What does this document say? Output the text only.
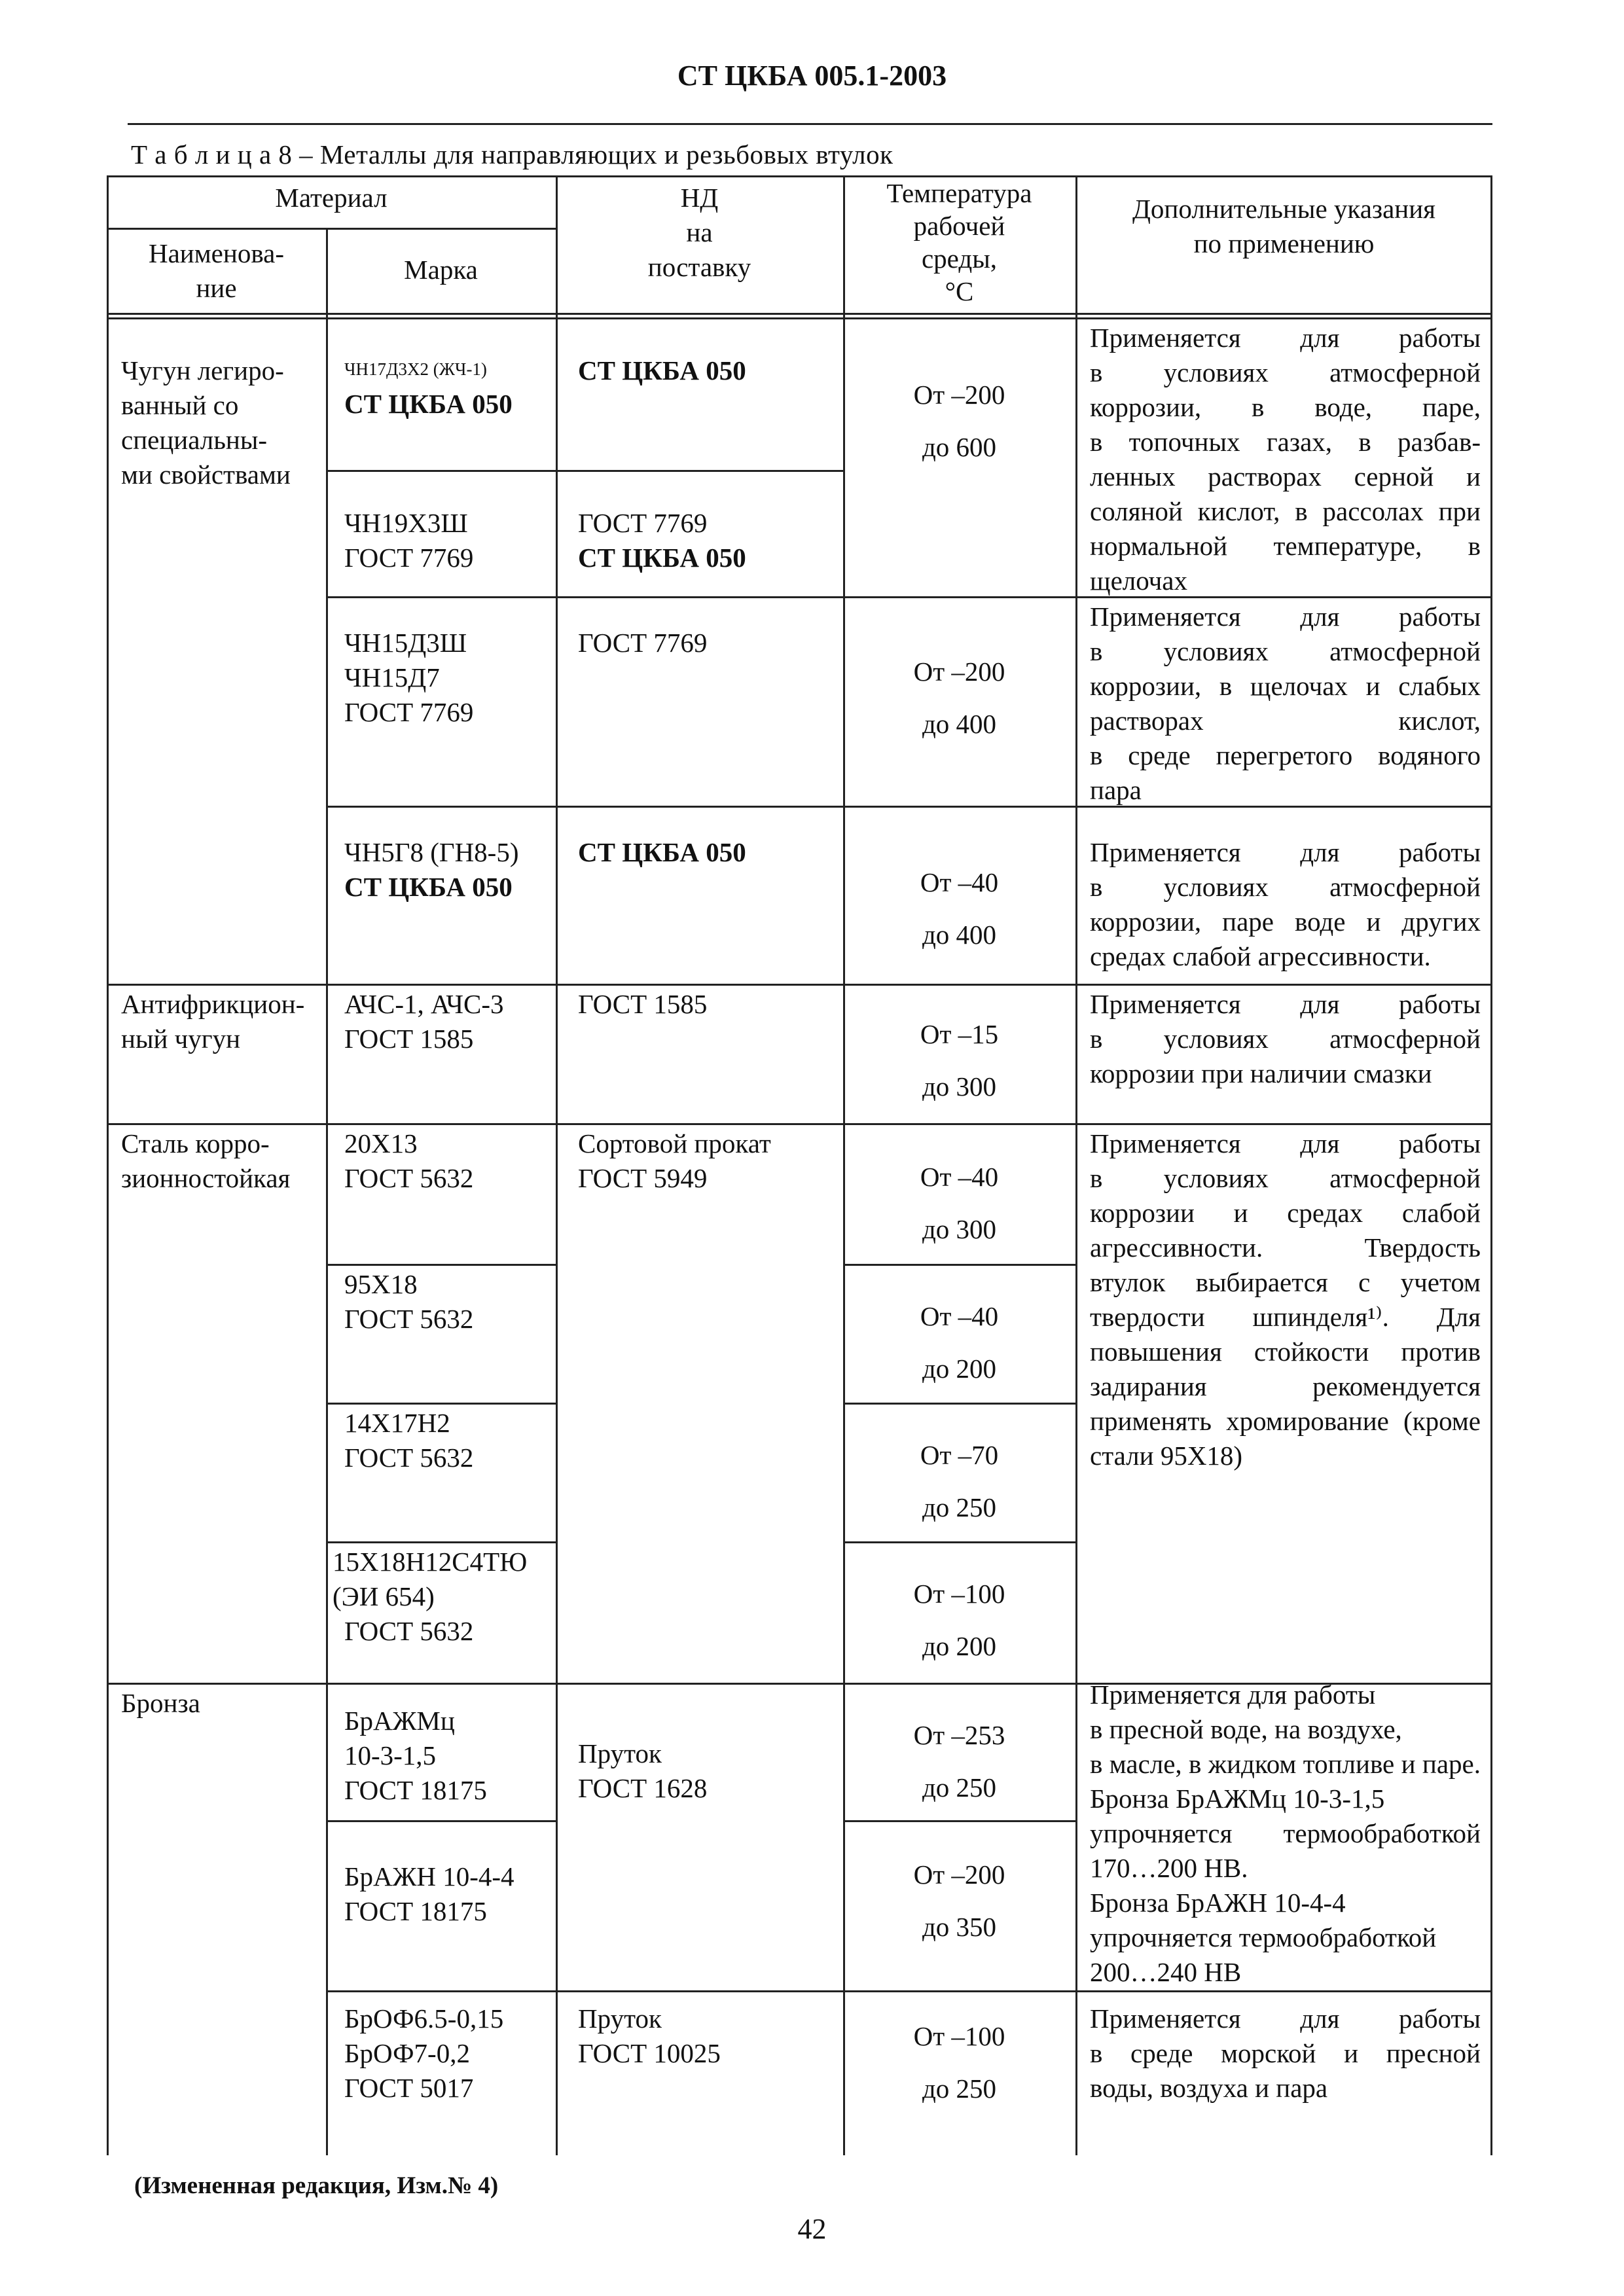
СТ ЦКБА 005.1-2003
Т а б л и ц а 8 – Металлы для направляющих и резьбовых втулок
Материал
Наименова-
ние
Марка
НД
на
поставку
Температура
рабочей
среды,
°С
Дополнительные указания
по применению
Чугун легиро-
ванный со
специальны-
ми свойствами
Антифрикцион-
ный чугун
Сталь корро-
зионностойкая
Бронза
ЧН17Д3Х2 (ЖЧ-1)
СТ ЦКБА 050
ЧН19Х3Ш
ГОСТ 7769
ЧН15Д3Ш
ЧН15Д7
ГОСТ 7769
ЧН5Г8 (ГН8-5)
СТ ЦКБА 050
АЧС-1, АЧС-3
ГОСТ 1585
20Х13
ГОСТ 5632
95Х18
ГОСТ 5632
14Х17Н2
ГОСТ 5632
15Х18Н12С4ТЮ
(ЭИ 654)
ГОСТ 5632
БрАЖМц
10-3-1,5
ГОСТ 18175
БрАЖН 10-4-4
ГОСТ 18175
БрОФ6.5-0,15
БрОФ7-0,2
ГОСТ 5017
СТ ЦКБА 050
ГОСТ 7769
СТ ЦКБА 050
ГОСТ 7769
СТ ЦКБА 050
ГОСТ 1585
Сортовой прокат
ГОСТ 5949
Пруток
ГОСТ 1628
Пруток
ГОСТ 10025
От –200
до 600
От –200
до 400
От –40
до 400
От –15
до 300
От –40
до 300
От –40
до 200
От –70
до 250
От –100
до 200
От –253
до 250
От –200
до 350
От –100
до 250
Применяется для работы
в условиях атмосферной
коррозии, в воде, паре,
в топочных газах, в разбав-
ленных растворах серной и
соляной кислот, в рассолах при
нормальной температуре, в
щелочах
Применяется для работы
в условиях атмосферной
коррозии, в щелочах и слабых
растворах кислот,
в среде перегретого водяного
пара
Применяется для работы
в условиях атмосферной
коррозии, паре воде и других
средах слабой агрессивности.
Применяется для работы
в условиях атмосферной
коррозии при наличии смазки
Применяется для работы
в условиях атмосферной
коррозии и средах слабой
агрессивности. Твердость
втулок выбирается с учетом
твердости шпинделя¹⁾. Для
повышения стойкости против
задирания рекомендуется
применять хромирование (кроме
стали 95Х18)
Применяется для работы
в пресной воде, на воздухе,
в масле, в жидком топливе и паре.
Бронза БрАЖМц 10-3-1,5
упрочняется термообработкой
170…200 НВ.
Бронза БрАЖН 10-4-4
упрочняется термообработкой
200…240 НВ
Применяется для работы
в среде морской и пресной
воды, воздуха и пара
(Измененная редакция, Изм.№ 4)
42
